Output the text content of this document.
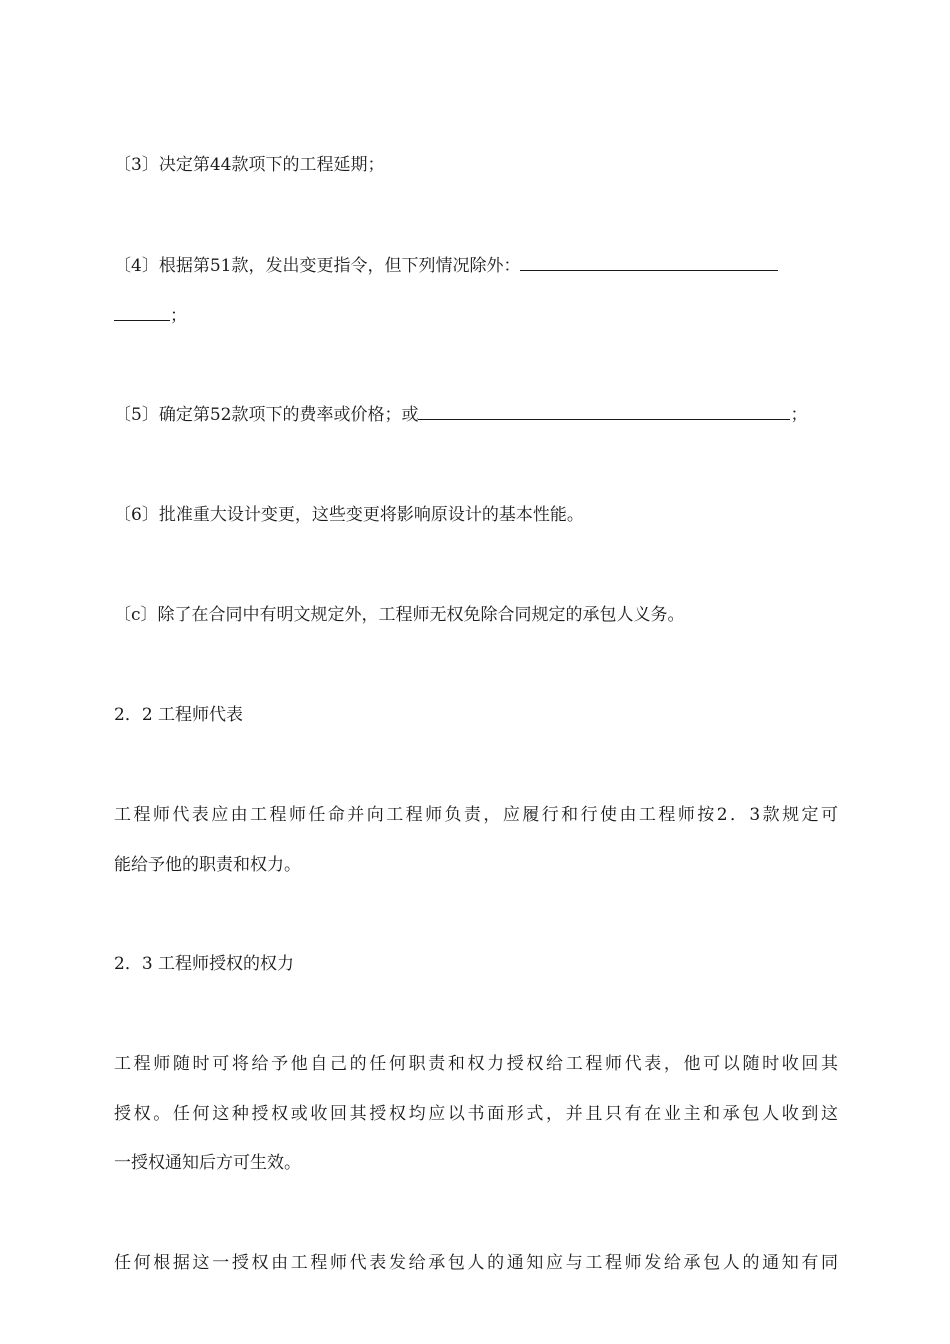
〔3〕决定第44款项下的工程延期；
〔4〕根据第51款，发出变更指令，但下列情况除外：
；
〔5〕确定第52款项下的费率或价格；或	；
〔6〕批准重大设计变更，这些变更将影响原设计的基本性能。
〔c〕除了在合同中有明文规定外，工程师无权免除合同规定的承包人义务。
2．2 工程师代表
工程师代表应由工程师任命并向工程师负责，应履行和行使由工程师按2．3款规定可
能给予他的职责和权力。
2．3 工程师授权的权力
工程师随时可将给予他自己的任何职责和权力授权给工程师代表，他可以随时收回其
授权。任何这种授权或收回其授权均应以书面形式，并且只有在业主和承包人收到这
一授权通知后方可生效。
任何根据这一授权由工程师代表发给承包人的通知应与工程师发给承包人的通知有同
